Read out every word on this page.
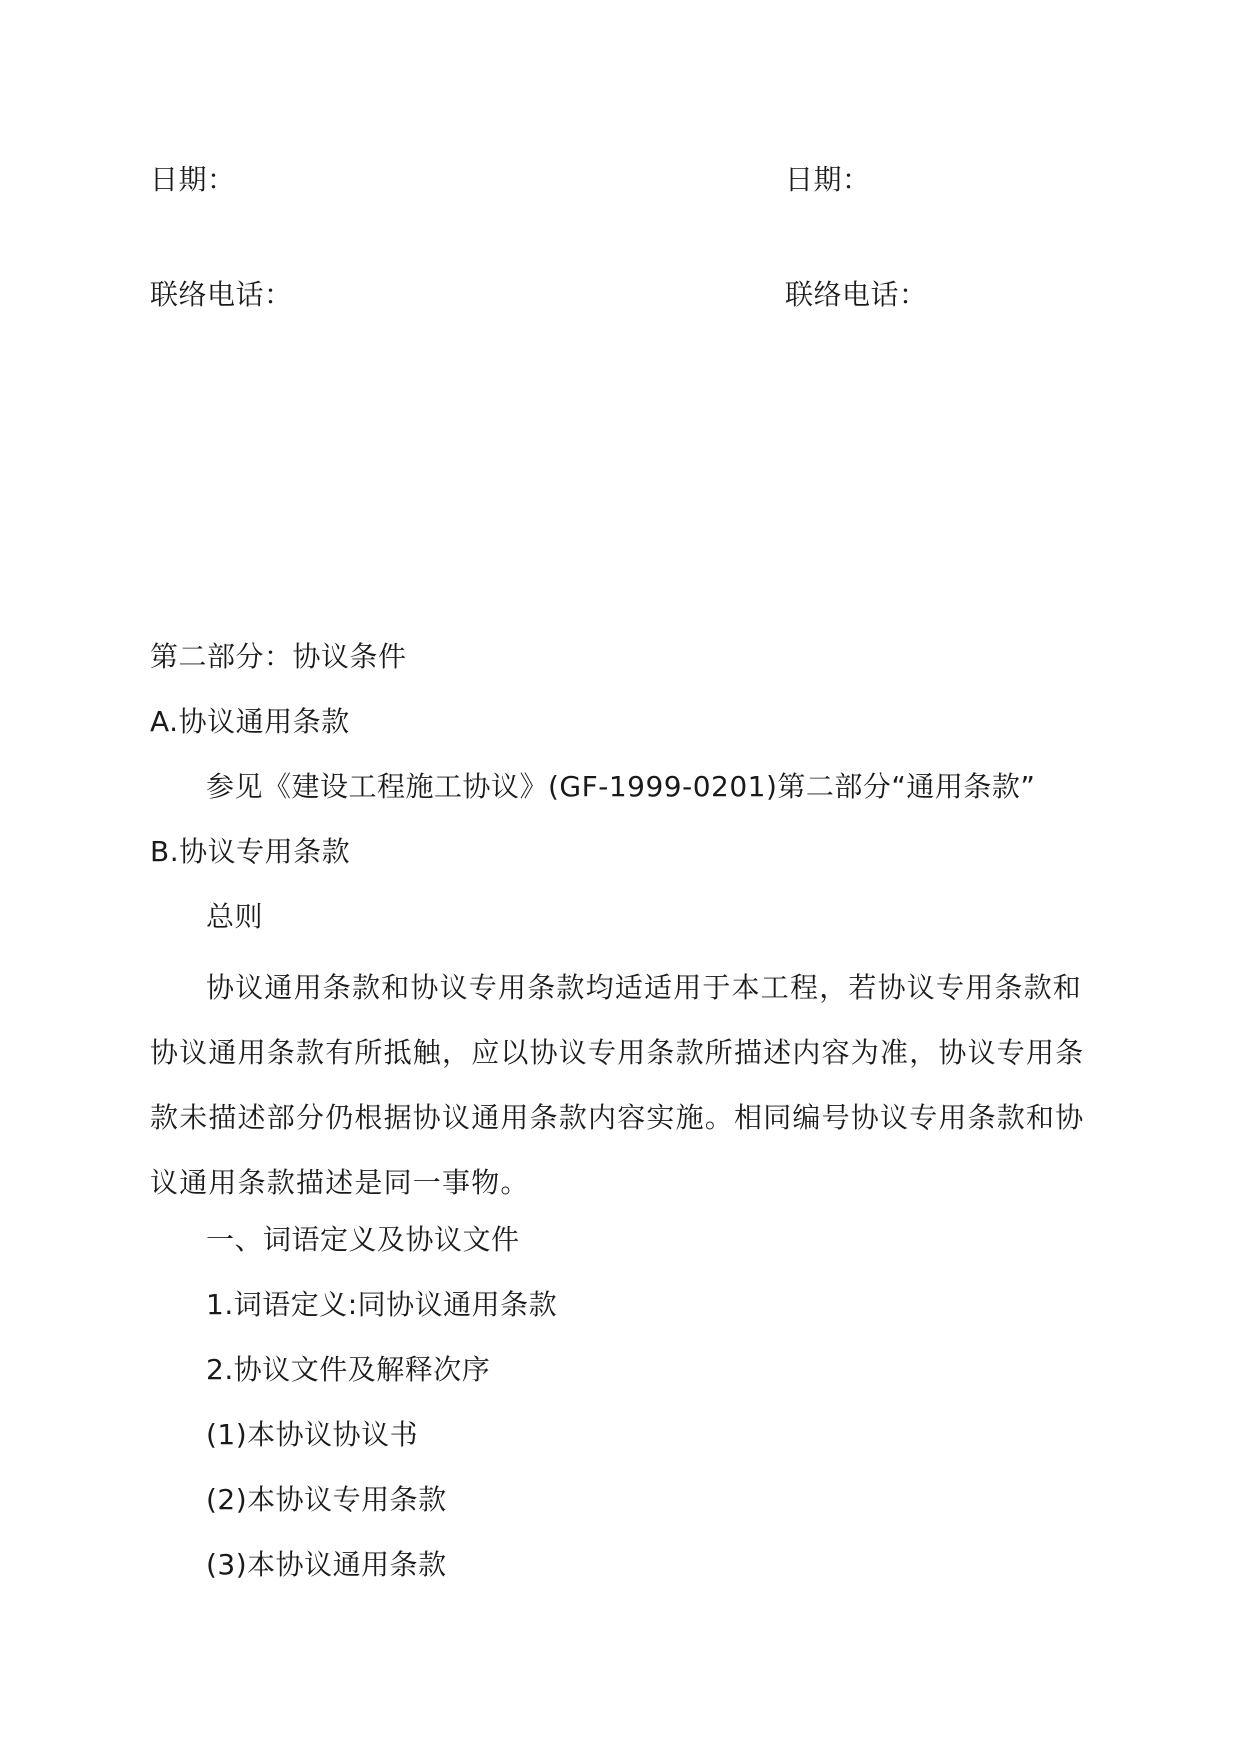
日期：	日期：
联络电话：	联络电话：
第二部分：协议条件
A.协议通用条款
参见《建设工程施工协议》(GF-1999-0201)第二部分“通用条款”
B.协议专用条款
总则
协议通用条款和协议专用条款均适适用于本工程，若协议专用条款和协议通用条款有所抵触，应以协议专用条款所描述内容为准，协议专用条款未描述部分仍根据协议通用条款内容实施。相同编号协议专用条款和协议通用条款描述是同一事物。
一、词语定义及协议文件
1.词语定义:同协议通用条款
2.协议文件及解释次序
(1)本协议协议书
(2)本协议专用条款
(3)本协议通用条款
